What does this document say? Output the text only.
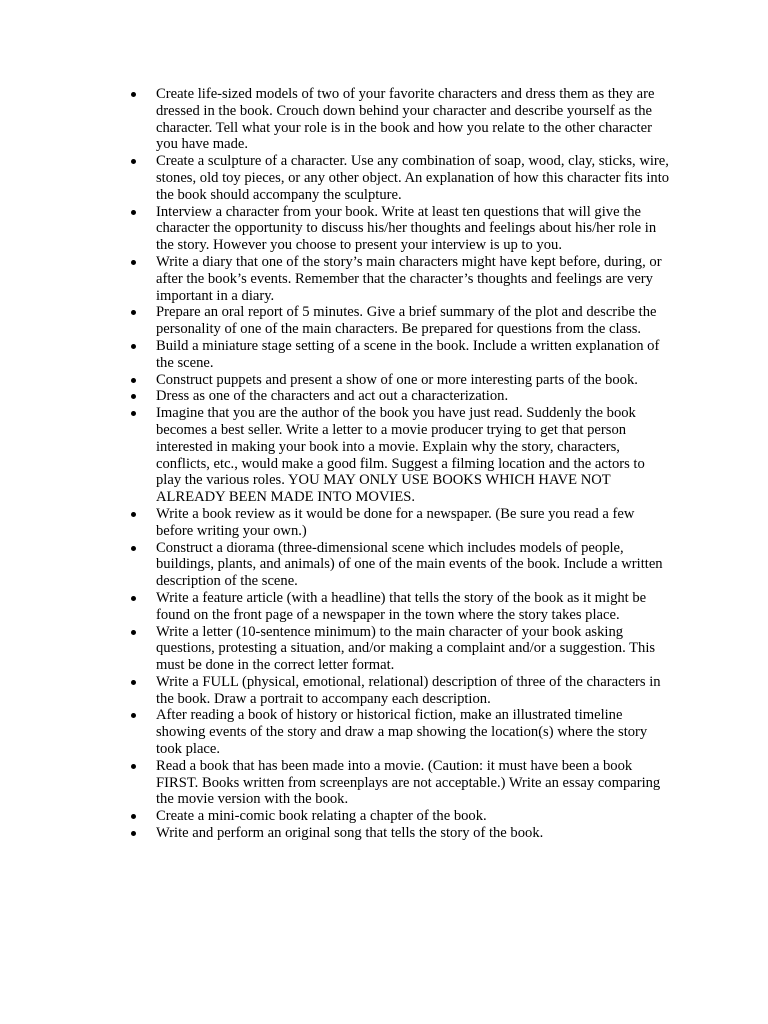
Create life-sized models of two of your favorite characters and dress them as they are dressed in the book. Crouch down behind your character and describe yourself as the character. Tell what your role is in the book and how you relate to the other character you have made.
Create a sculpture of a character. Use any combination of soap, wood, clay, sticks, wire, stones, old toy pieces, or any other object. An explanation of how this character fits into the book should accompany the sculpture.
Interview a character from your book. Write at least ten questions that will give the character the opportunity to discuss his/her thoughts and feelings about his/her role in the story. However you choose to present your interview is up to you.
Write a diary that one of the story’s main characters might have kept before, during, or after the book’s events. Remember that the character’s thoughts and feelings are very important in a diary.
Prepare an oral report of 5 minutes. Give a brief summary of the plot and describe the personality of one of the main characters. Be prepared for questions from the class.
Build a miniature stage setting of a scene in the book. Include a written explanation of the scene.
Construct puppets and present a show of one or more interesting parts of the book.
Dress as one of the characters and act out a characterization.
Imagine that you are the author of the book you have just read. Suddenly the book becomes a best seller. Write a letter to a movie producer trying to get that person interested in making your book into a movie. Explain why the story, characters, conflicts, etc., would make a good film. Suggest a filming location and the actors to play the various roles. YOU MAY ONLY USE BOOKS WHICH HAVE NOT ALREADY BEEN MADE INTO MOVIES.
Write a book review as it would be done for a newspaper. (Be sure you read a few before writing your own.)
Construct a diorama (three-dimensional scene which includes models of people, buildings, plants, and animals) of one of the main events of the book. Include a written description of the scene.
Write a feature article (with a headline) that tells the story of the book as it might be found on the front page of a newspaper in the town where the story takes place.
Write a letter (10-sentence minimum) to the main character of your book asking questions, protesting a situation, and/or making a complaint and/or a suggestion. This must be done in the correct letter format.
Write a FULL (physical, emotional, relational) description of three of the characters in the book. Draw a portrait to accompany each description.
After reading a book of history or historical fiction, make an illustrated timeline showing events of the story and draw a map showing the location(s) where the story took place.
Read a book that has been made into a movie. (Caution: it must have been a book FIRST. Books written from screenplays are not acceptable.) Write an essay comparing the movie version with the book.
Create a mini-comic book relating a chapter of the book.
Write and perform an original song that tells the story of the book.
